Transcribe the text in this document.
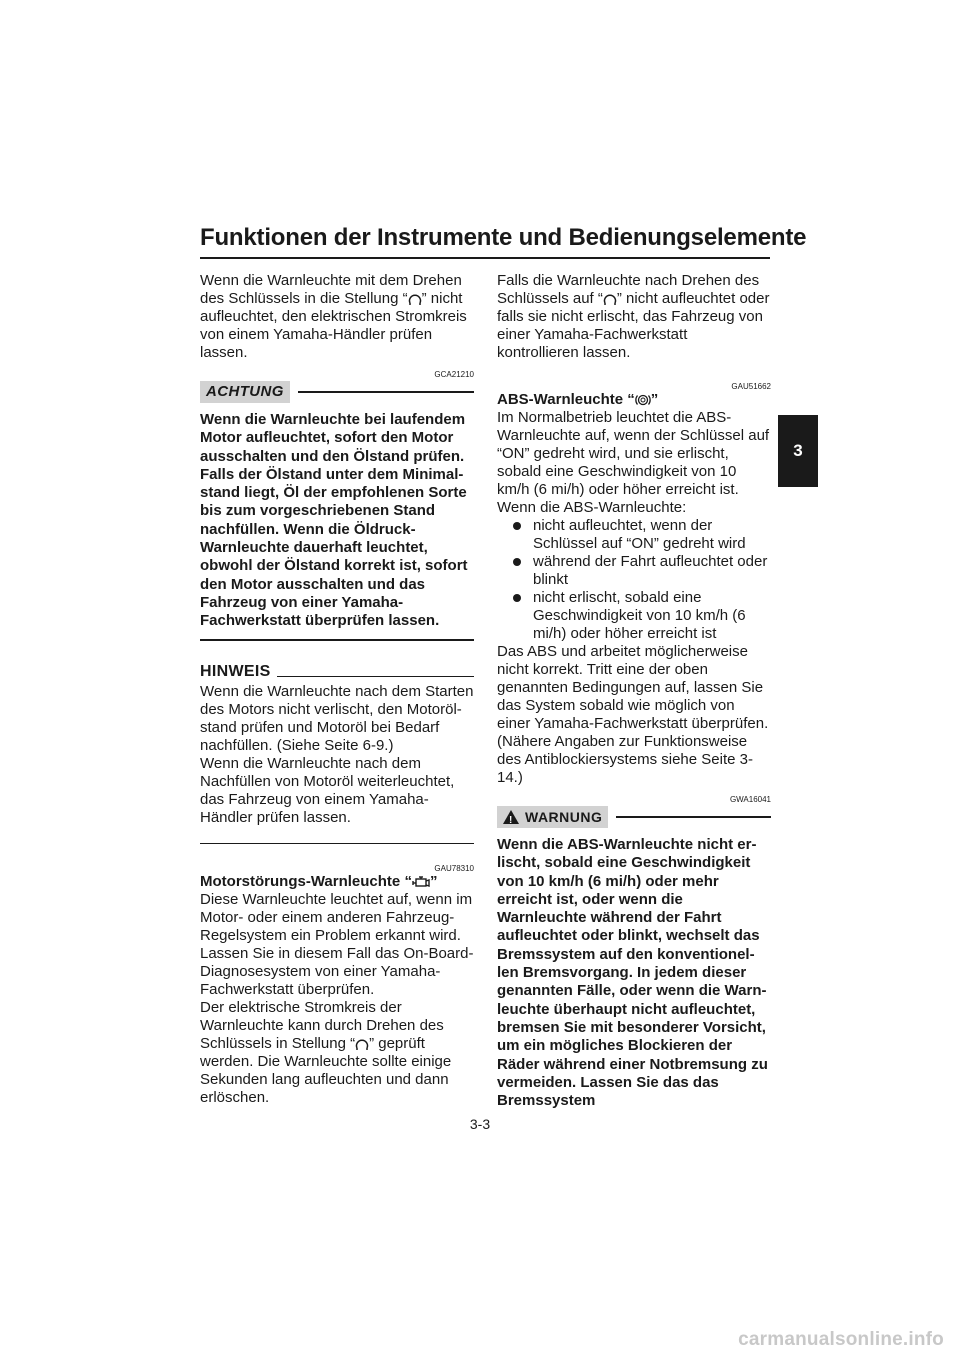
Funktionen der Instrumente und Bedienungselemente
3

Wenn die Warnleuchte mit dem Drehen des Schlüssels in die Stellung “ ” nicht aufleuchtet, den elektrischen Stromkreis von einem Yamaha-Händler prüfen lassen.

GCA21210
ACHTUNG

Wenn die Warnleuchte bei laufendem Motor aufleuchtet, sofort den Motor ausschalten und den Ölstand prüfen. Falls der Ölstand unter dem Minimalstand liegt, Öl der empfohlenen Sorte bis zum vorgeschriebenen Stand nachfüllen. Wenn die Öldruck-Warnleuchte dauerhaft leuchtet, obwohl der Ölstand korrekt ist, sofort den Motor ausschalten und das Fahrzeug von einer Yamaha-Fachwerkstatt überprüfen lassen.

HINWEIS

Wenn die Warnleuchte nach dem Starten des Motors nicht verlischt, den Motorölstand prüfen und Motoröl bei Bedarf nachfüllen. (Siehe Seite 6-9.)

Wenn die Warnleuchte nach dem Nachfüllen von Motoröl weiterleuchtet, das Fahrzeug von einem Yamaha-Händler prüfen lassen.

GAU78310

Motorstörungs-Warnleuchte “ ”

Diese Warnleuchte leuchtet auf, wenn im Motor- oder einem anderen Fahrzeug-Regelsystem ein Problem erkannt wird. Lassen Sie in diesem Fall das On-Board-Diagnosesystem von einer Yamaha-Fachwerkstatt überprüfen.

Der elektrische Stromkreis der Warnleuchte kann durch Drehen des Schlüssels in Stellung “ ” geprüft werden. Die Warnleuchte sollte einige Sekunden lang aufleuchten und dann erlöschen.

Falls die Warnleuchte nach Drehen des Schlüssels auf “ ” nicht aufleuchtet oder falls sie nicht erlischt, das Fahrzeug von einer Yamaha-Fachwerkstatt kontrollieren lassen.

GAU51662

ABS-Warnleuchte “ ”

Im Normalbetrieb leuchtet die ABS-Warnleuchte auf, wenn der Schlüssel auf “ON” gedreht wird, und sie erlischt, sobald eine Geschwindigkeit von 10 km/h (6 mi/h) oder höher erreicht ist.

Wenn die ABS-Warnleuchte:

nicht aufleuchtet, wenn der Schlüssel auf “ON” gedreht wird
während der Fahrt aufleuchtet oder blinkt
nicht erlischt, sobald eine Geschwindigkeit von 10 km/h (6 mi/h) oder höher erreicht ist

Das ABS und arbeitet möglicherweise nicht korrekt. Tritt eine der oben genannten Bedingungen auf, lassen Sie das System sobald wie möglich von einer Yamaha-Fachwerkstatt überprüfen. (Nähere Angaben zur Funktionsweise des Antiblockiersystems siehe Seite 3-14.)

GWA16041
!
WARNUNG

Wenn die ABS-Warnleuchte nicht erlischt, sobald eine Geschwindigkeit von 10 km/h (6 mi/h) oder mehr erreicht ist, oder wenn die Warnleuchte während der Fahrt aufleuchtet oder blinkt, wechselt das Bremssystem auf den konventionellen Bremsvorgang. In jedem dieser genannten Fälle, oder wenn die Warnleuchte überhaupt nicht aufleuchtet, bremsen Sie mit besonderer Vorsicht, um ein mögliches Blockieren der Räder während einer Notbremsung zu vermeiden. Lassen Sie das das Bremssystem

3-3
carmanualsonline.info
